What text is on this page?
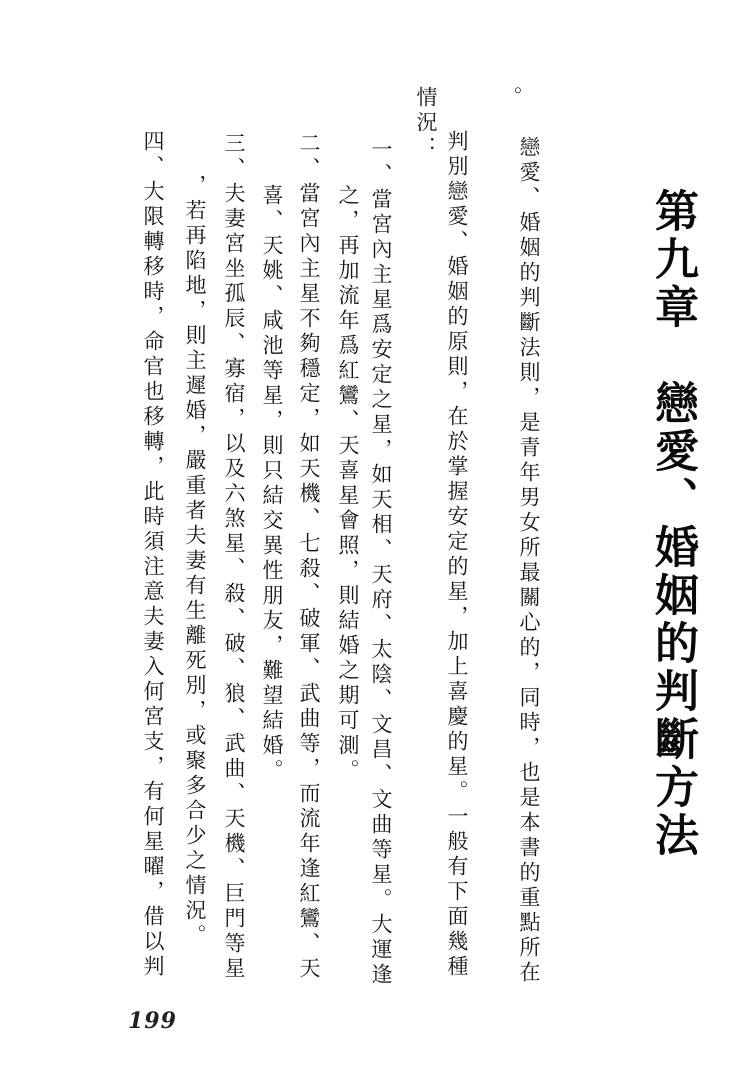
第九章　戀愛、婚姻的判斷方法
戀愛、婚姻的判斷法則，是青年男女所最關心的，同時，也是本書的重點所在
。
判別戀愛、婚姻的原則，在於掌握安定的星，加上喜慶的星。一般有下面幾種
情況：
一、當宮內主星爲安定之星，如天相、天府、太陰、文昌、文曲等星。大運逢
之，再加流年爲紅鸞、天喜星會照，則結婚之期可測。
二、當宮內主星不夠穩定，如天機、七殺、破軍、武曲等，而流年逢紅鸞、天
喜、天姚、咸池等星，則只結交異性朋友，難望結婚。
三、夫妻宮坐孤辰、寡宿，以及六煞星、殺、破、狼、武曲、天機、巨門等星
，若再陷地，則主遲婚，嚴重者夫妻有生離死別，或聚多合少之情況。
四、大限轉移時，命官也移轉，此時須注意夫妻入何宮支，有何星曜，借以判
199
